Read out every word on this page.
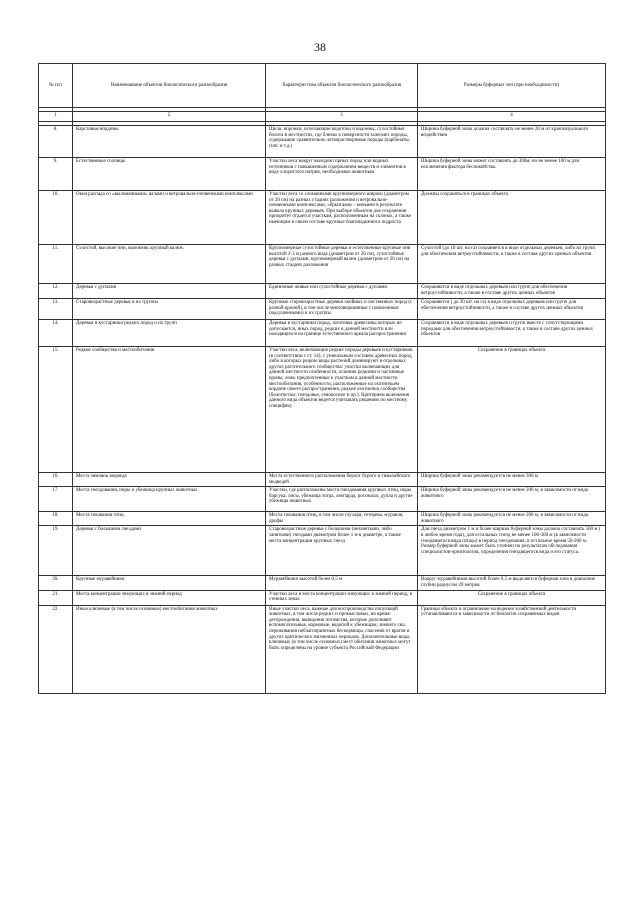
38
№ п/п	Наименование объектов биологического разнообразия	Характеристика объектов биологического разнообразия	Размеры буферных зон (при необходимости)

1	2	3	4

8.	Карстовые впадины	Щели, воронки, исчезающие водотоки и водоемы, сухостойные болота в местностях, где близко к поверхности залегают породы, содержащие сравнительно легкорастворимые породы (карбонаты, гипс и т.д.)	Ширина буферной зоны должна составлять не менее 20 м от края визуального воздействия
9.	Естественные солонцы	Участки леса вокруг выходов горных пород или водных источников с повышенным содержанием веществ и элементов в виде хлористого натрия, необходимые животным	Ширина буферной зоны может составлять до 300м, но не менее 100 м для исключения фактора беспокойства.
10.	Окна распада со «выломанными» валами и ветровально-почвенными комплексами	Участки леса со сломанными крупномерного широко (диаметром от 20 см) на разных стадиях разложения и ветровально-почвенными комплексами, «брызгами» - комьями в результате вывала крупных деревьев. При выборе объектов для сохранения приоритет отдается участкам, расположенным на склонах, а также имеющим в своем составе крупные благонадежного подроста	Должны сохраняться в границах объекта
11.	Сухостой, высокие пни, валежник крупный валеж.	Крупномерные сухостойные деревья и естественные крупные пни высотой 2-3 м разного вида (диаметром от 20 см), сухостойные деревья с дуплами, крупномерный валеж (диаметром от 20 см) на разных стадиях разложения	Сухостой (до 10 шт. на га) сохраняется в виде отдельных деревьев, либо их групп для обеспечения ветроустойчивости, а также в составе других ценных объектов
12.	Деревья с дуплами	Единичные живые или сухостойные деревья с дуплами	Сохраняются в виде отдельных деревьев или групп для обеспечения ветроустойчивости, а также в составе других ценных объектов
13.	Старовозрастные деревья и их группы	Крупные старовозрастные деревья хвойных и лиственных пород (с разной кроной), в том числе многовершинные с поваленным подсушенными) и их группы	Сохраняются ( до 30 шт. на га) в виде отдельных деревьев или групп для обеспечения ветроустойчивости, а также в составе других ценных объектов
14.	Деревья и кустарники редких пород и их групп	Деревья и кустарники пород, заготовка древесины которых не допускается, иных пород, редких в данной местности или находящихся на границе естественного ареала распространения	Сохраняются в виде отдельных деревьев и групп вместе с сопутствующими породами для обеспечения ветроустойчивости, а также в составе других ценных объектов
15.	Редкие сообщества и местообитания	Участки леса, включающие редкие породы деревьев и кустарников (в соответствии с ст. 14), с уникальным составом древесных пород, либо в которых редкие виды растений доминируют в отдельных других растительного сообщества: участки включающих для данной местности особенности, осинник редкими и частинные кроны, ложь предпочтенные к участкам в данной местности местообитания, особенности, расположенные на охотничьем кордоне своего распространения, редкие охотничьи сообщества (болотистые, гнездовье, сенокосное и пр.). Критерием включения данного вида объектов ведется учитывать решению по местному специфику	Сохранение в границах объекта
16.	Места зимовок медведя	Места естественного расположения берлог бурого и гималайского медведей	Ширина буферной зоны рекомендуется не менее 300 м
17.	Места гнездования, норы и убежища крупных животных	Участки, где расположены места гнездования крупных птиц, норы барсука, лисы, убежища тигра, леопарда, росомахи, дупла и другие убежища животных	Ширина буферной зоны рекомендуется не менее 200 м, в зависимости от вида животного
18.	Места токования птиц	Места токования птиц, в том числе глухаря, тетерева, журавля, дрофы	Ширина буферной зоны рекомендуется не менее 200 м, в зависимости от вида животного
19.	Деревья с большими гнездами	Старовозрастные деревья с большими (незанятыми, либо занятыми) гнездами диаметром более 1 м в диаметре, а также места концентрации крупных гнезд	Для гнезд диаметром 1 м и более ширина буферной зоны должна составлять 500 м ( в любое время года), для остальных гнезд не менее 100-300 м (в зависимости гнездящегося вида птицы) в период гнездования, в остальное время 50-200 м. Размер буферной зоны может быть уточнен по результатам обследования специалистов-орнитологов, определения гнездящегося вида и его статуса.
20.	Крупные муравейники	Муравейники высотой более 0,5 м	Вокруг муравейников высотой более 0,5 м выделяется буферная зона в диапазоне глубин радиусом 20 метров
21.	Места концентрации зимующих в зимний период	Участки леса и места концентрации зимующих в зимний период, в степных зонах	Сохранение в границах объекта
22.	Иные ключевые (в том числе основные) местообитания животных	Иные участки леса, важные для воспроизводства популяций животных, в том числе редких и промысловых, во время деторождения, выведения потомства, которые дополняют вспомогательные, кормовые, водопой к убежищам, зимнего сна, переживания неблагоприятных бескормицы, спасения от врагов и других критических жизненных периодов. Дополнительные виды ключевых (в том числе основных) мест обитания животных могут быть определены на уровне субъекта Российской Федерации	Границы объекта и ограничение на ведение хозяйственной деятельности устанавливаются в зависимости от биологии сохраняемых видов
